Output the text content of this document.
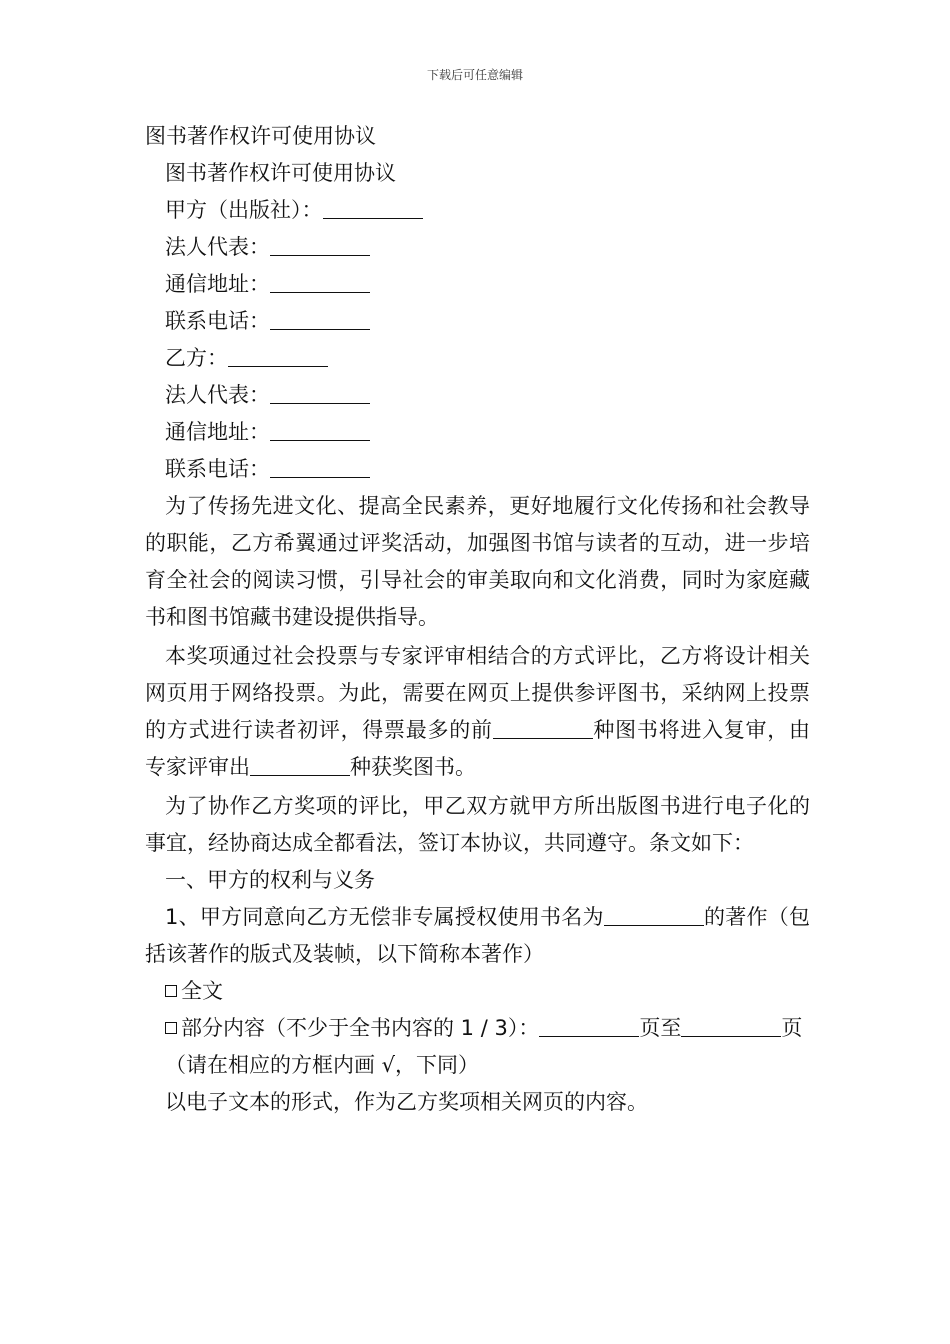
下载后可任意编辑

图书著作权许可使用协议

图书著作权许可使用协议

甲方（出版社）：

法人代表：

通信地址：

联系电话：

乙方：

法人代表：

通信地址：

联系电话：

为了传扬先进文化、提高全民素养，更好地履行文化传扬和社会教导的职能，乙方希翼通过评奖活动，加强图书馆与读者的互动，进一步培育全社会的阅读习惯，引导社会的审美取向和文化消费，同时为家庭藏书和图书馆藏书建设提供指导。

本奖项通过社会投票与专家评审相结合的方式评比，乙方将设计相关网页用于网络投票。为此，需要在网页上提供参评图书，采纳网上投票的方式进行读者初评，得票最多的前	种图书将进入复审，由专家评审出	种获奖图书。

为了协作乙方奖项的评比，甲乙双方就甲方所出版图书进行电子化的事宜，经协商达成全都看法，签订本协议，共同遵守。条文如下：

一、甲方的权利与义务

1、甲方同意向乙方无偿非专属授权使用书名为	的著作（包括该著作的版式及装帧，以下简称本著作）

全文

部分内容（不少于全书内容的 1 / 3）：	页至	页

（请在相应的方框内画 √，下同）

以电子文本的形式，作为乙方奖项相关网页的内容。
